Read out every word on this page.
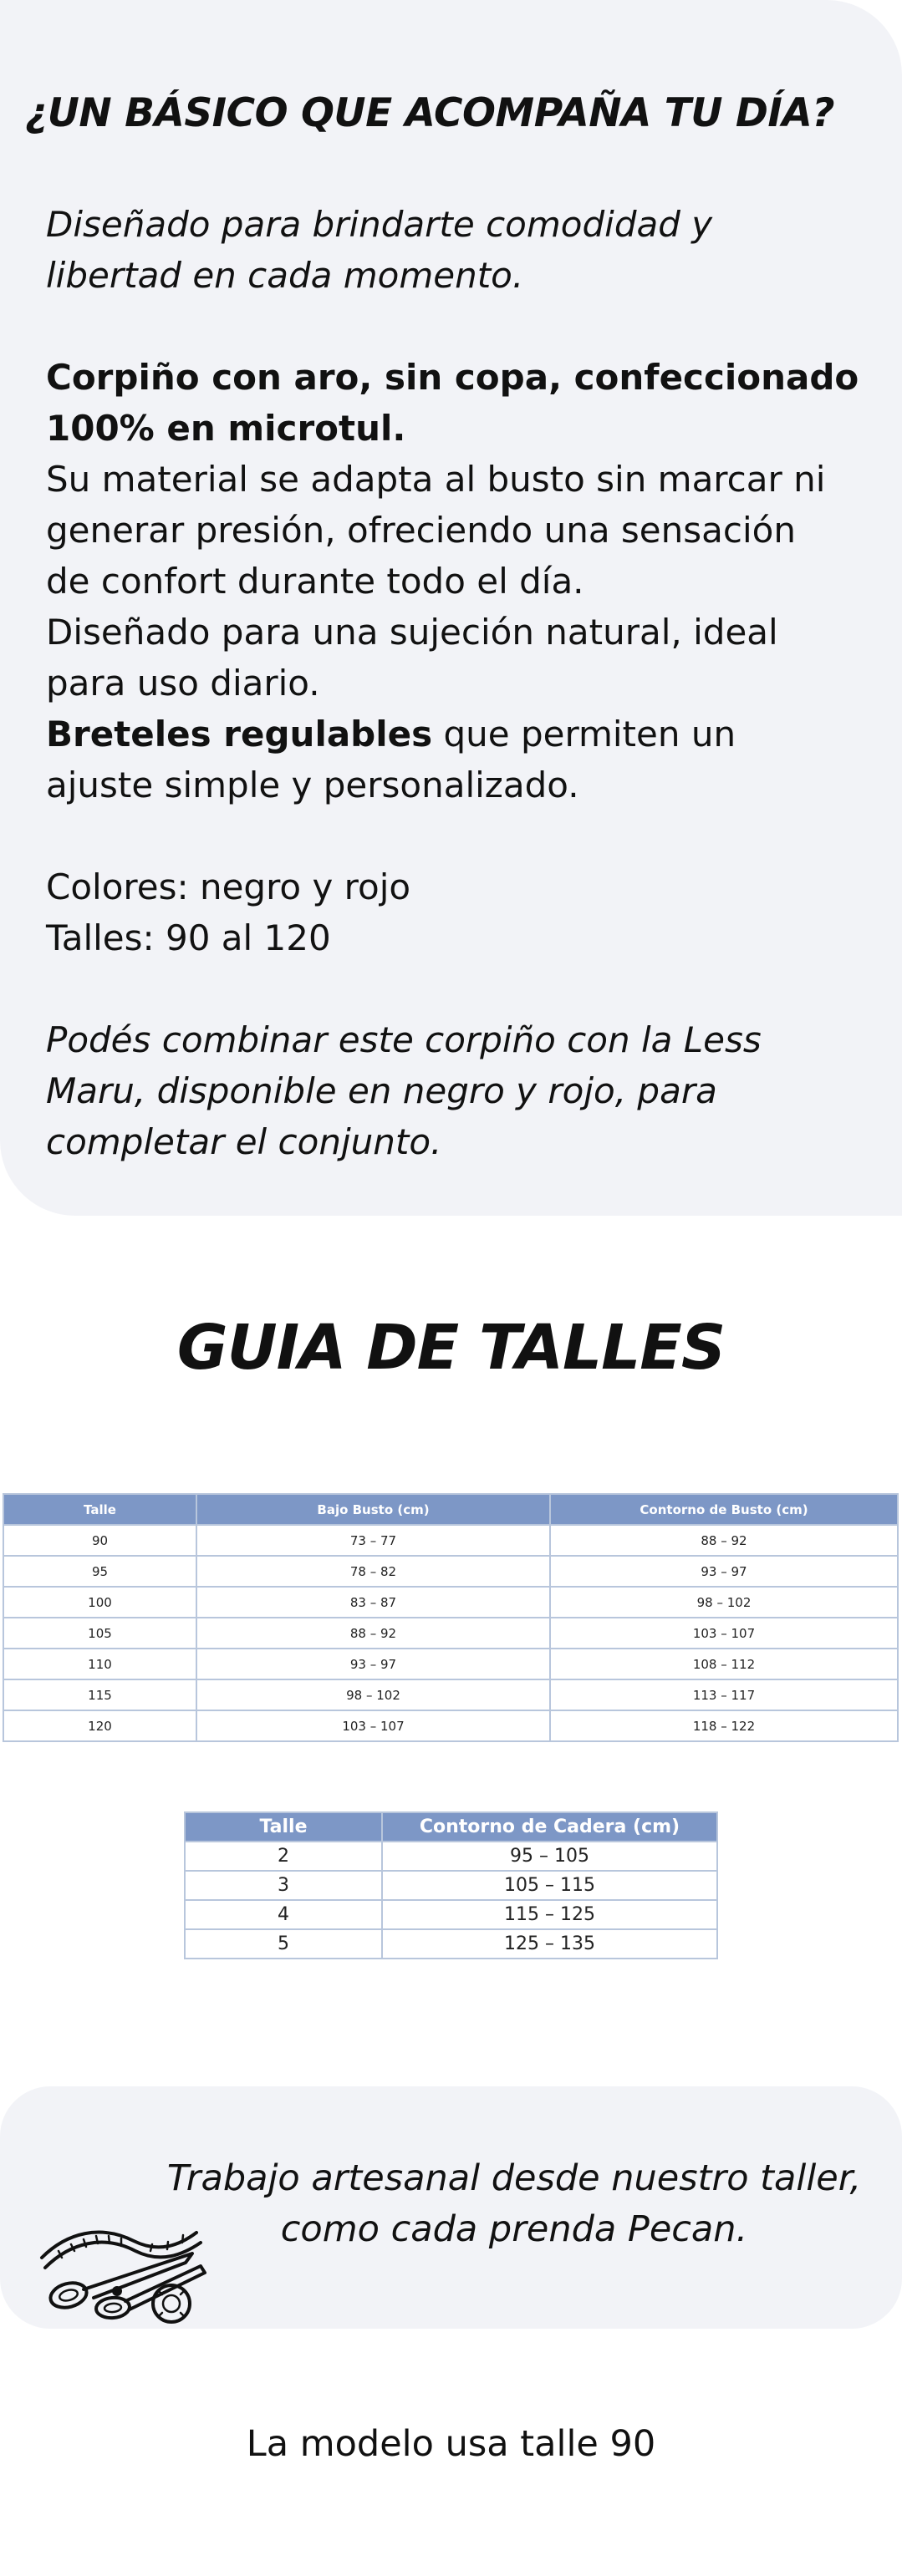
¿UN BÁSICO QUE ACOMPAÑA TU DÍA?

Diseñado para brindarte comodidad y
libertad en cada momento.

Corpiño con aro, sin copa, confeccionado
100% en microtul.

Su material se adapta al busto sin marcar ni
generar presión, ofreciendo una sensación
de confort durante todo el día.

Diseñado para una sujeción natural, ideal
para uso diario.

Breteles regulables que permiten un
ajuste simple y personalizado.

Colores: negro y rojo

Talles: 90 al 120

Podés combinar este corpiño con la Less
Maru, disponible en negro y rojo, para
completar el conjunto.

GUIA DE TALLES
Talle	Bajo Busto (cm)	Contorno de Busto (cm)
90	73 – 77	88 – 92
95	78 – 82	93 – 97
100	83 – 87	98 – 102
105	88 – 92	103 – 107
110	93 – 97	108 – 112
115	98 – 102	113 – 117
120	103 – 107	118 – 122
Talle	Contorno de Cadera (cm)
2	95 – 105
3	105 – 115
4	115 – 125
5	125 – 135
Trabajo artesanal desde nuestro taller,
como cada prenda Pecan.
La modelo usa talle 90
